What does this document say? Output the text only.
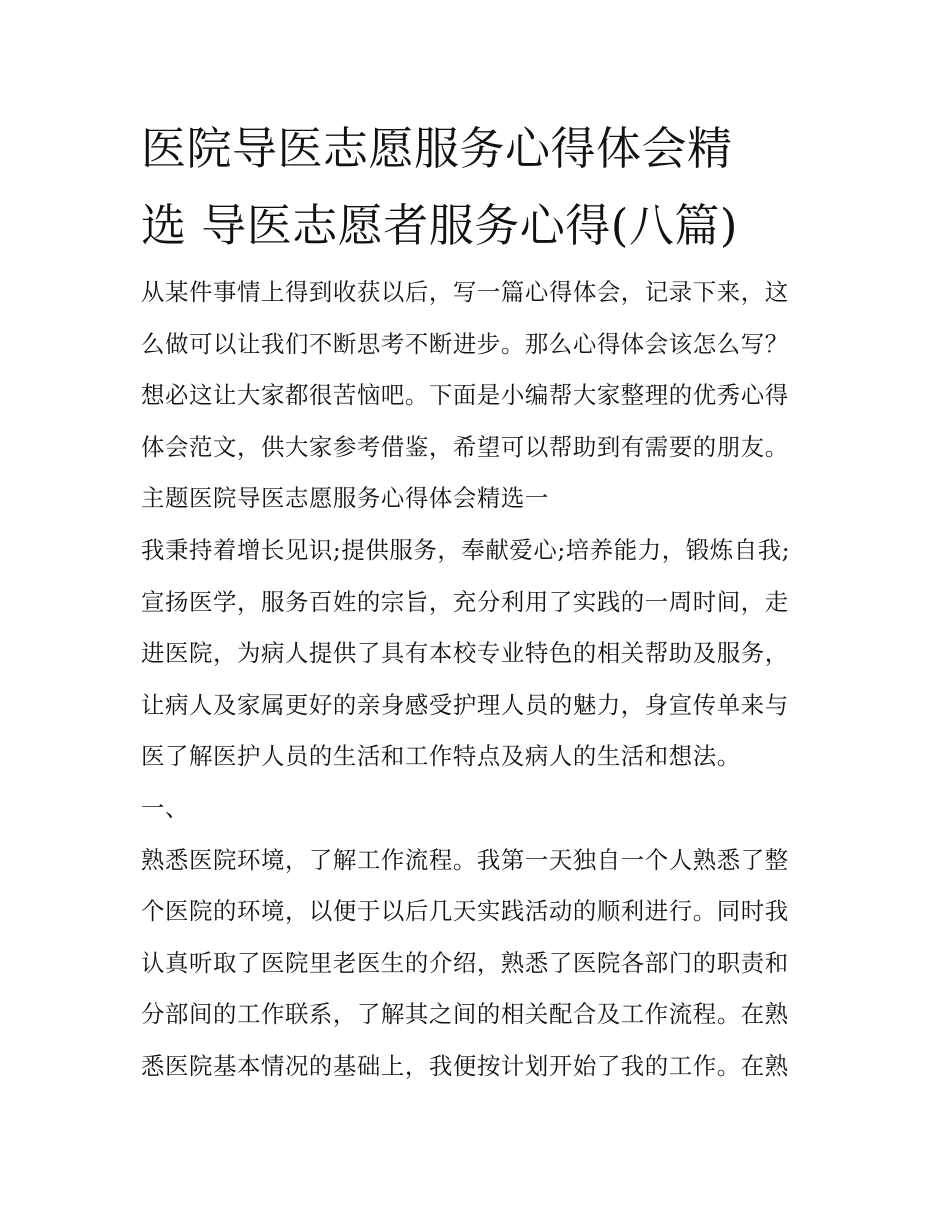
医院导医志愿服务心得体会精
选 导医志愿者服务心得(八篇)
从某件事情上得到收获以后，写一篇心得体会，记录下来，这
么做可以让我们不断思考不断进步。那么心得体会该怎么写？
想必这让大家都很苦恼吧。下面是小编帮大家整理的优秀心得
体会范文，供大家参考借鉴，希望可以帮助到有需要的朋友。
主题医院导医志愿服务心得体会精选一
我秉持着增长见识;提供服务，奉献爱心;培养能力，锻炼自我;
宣扬医学，服务百姓的宗旨，充分利用了实践的一周时间，走
进医院，为病人提供了具有本校专业特色的相关帮助及服务，
让病人及家属更好的亲身感受护理人员的魅力，身宣传单来与
医了解医护人员的生活和工作特点及病人的生活和想法。
一、
熟悉医院环境，了解工作流程。我第一天独自一个人熟悉了整
个医院的环境，以便于以后几天实践活动的顺利进行。同时我
认真听取了医院里老医生的介绍，熟悉了医院各部门的职责和
分部间的工作联系，了解其之间的相关配合及工作流程。在熟
悉医院基本情况的基础上，我便按计划开始了我的工作。在熟
